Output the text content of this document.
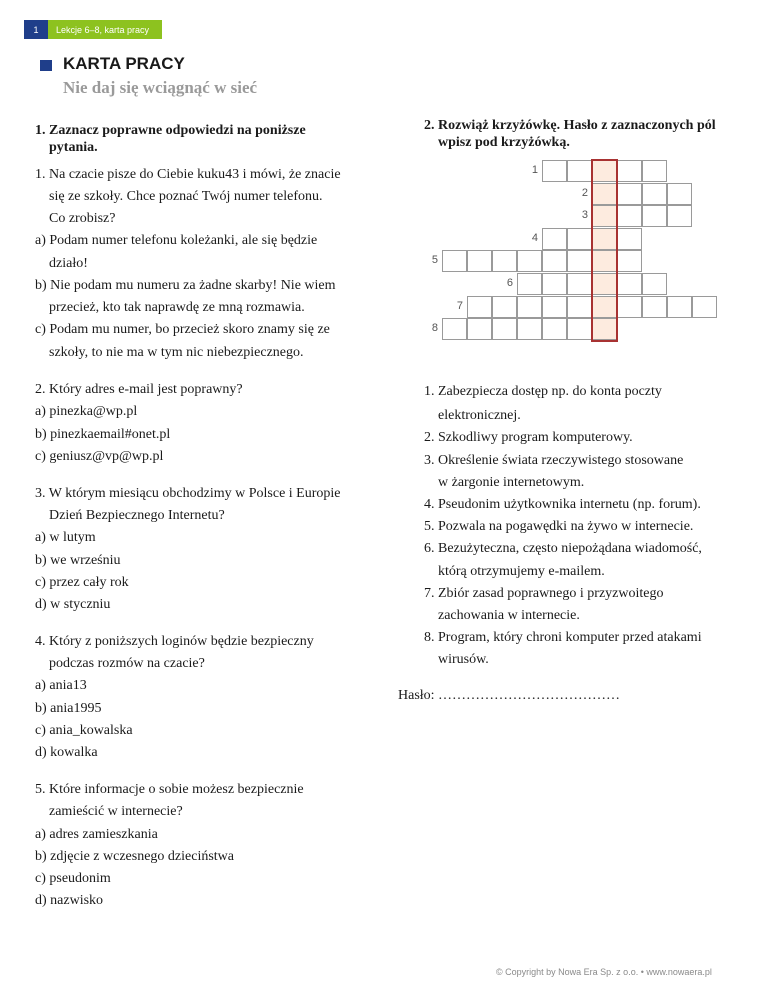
1	Lekcje 6–8, karta pracy
KARTA PRACY
Nie daj się wciągnąć w sieć
1. Zaznacz poprawne odpowiedzi na poniższe
pytania.
1. Na czacie pisze do Ciebie kuku43 i mówi, że znacie
się ze szkoły. Chce poznać Twój numer telefonu.
Co zrobisz?
a) Podam numer telefonu koleżanki, ale się będzie
działo!
b) Nie podam mu numeru za żadne skarby! Nie wiem
przecież, kto tak naprawdę ze mną rozmawia.
c) Podam mu numer, bo przecież skoro znamy się ze
szkoły, to nie ma w tym nic niebezpiecznego.
2. Który adres e-mail jest poprawny?
a) pinezka@wp.pl
b) pinezkaemail#onet.pl
c) geniusz@vp@wp.pl
3. W którym miesiącu obchodzimy w Polsce i Europie
Dzień Bezpiecznego Internetu?
a) w lutym
b) we wrześniu
c) przez cały rok
d) w styczniu
4. Który z poniższych loginów będzie bezpieczny
podczas rozmów na czacie?
a) ania13
b) ania1995
c) ania_kowalska
d) kowalka
5. Które informacje o sobie możesz bezpiecznie
zamieścić w internecie?
a) adres zamieszkania
b) zdjęcie z wczesnego dzieciństwa
c) pseudonim
d) nazwisko
2. Rozwiąż krzyżówkę. Hasło z zaznaczonych pól
wpisz pod krzyżówką.
1
2
3
4
5
6
7
8
1. Zabezpiecza dostęp np. do konta poczty
elektronicznej.
2. Szkodliwy program komputerowy.
3. Określenie świata rzeczywistego stosowane
w żargonie internetowym.
4. Pseudonim użytkownika internetu (np. forum).
5. Pozwala na pogawędki na żywo w internecie.
6. Bezużyteczna, często niepożądana wiadomość,
którą otrzymujemy e-mailem.
7. Zbiór zasad poprawnego i przyzwoitego
zachowania w internecie.
8. Program, który chroni komputer przed atakami
wirusów.
Hasło: …………………………………
© Copyright by Nowa Era Sp. z o.o. • www.nowaera.pl
